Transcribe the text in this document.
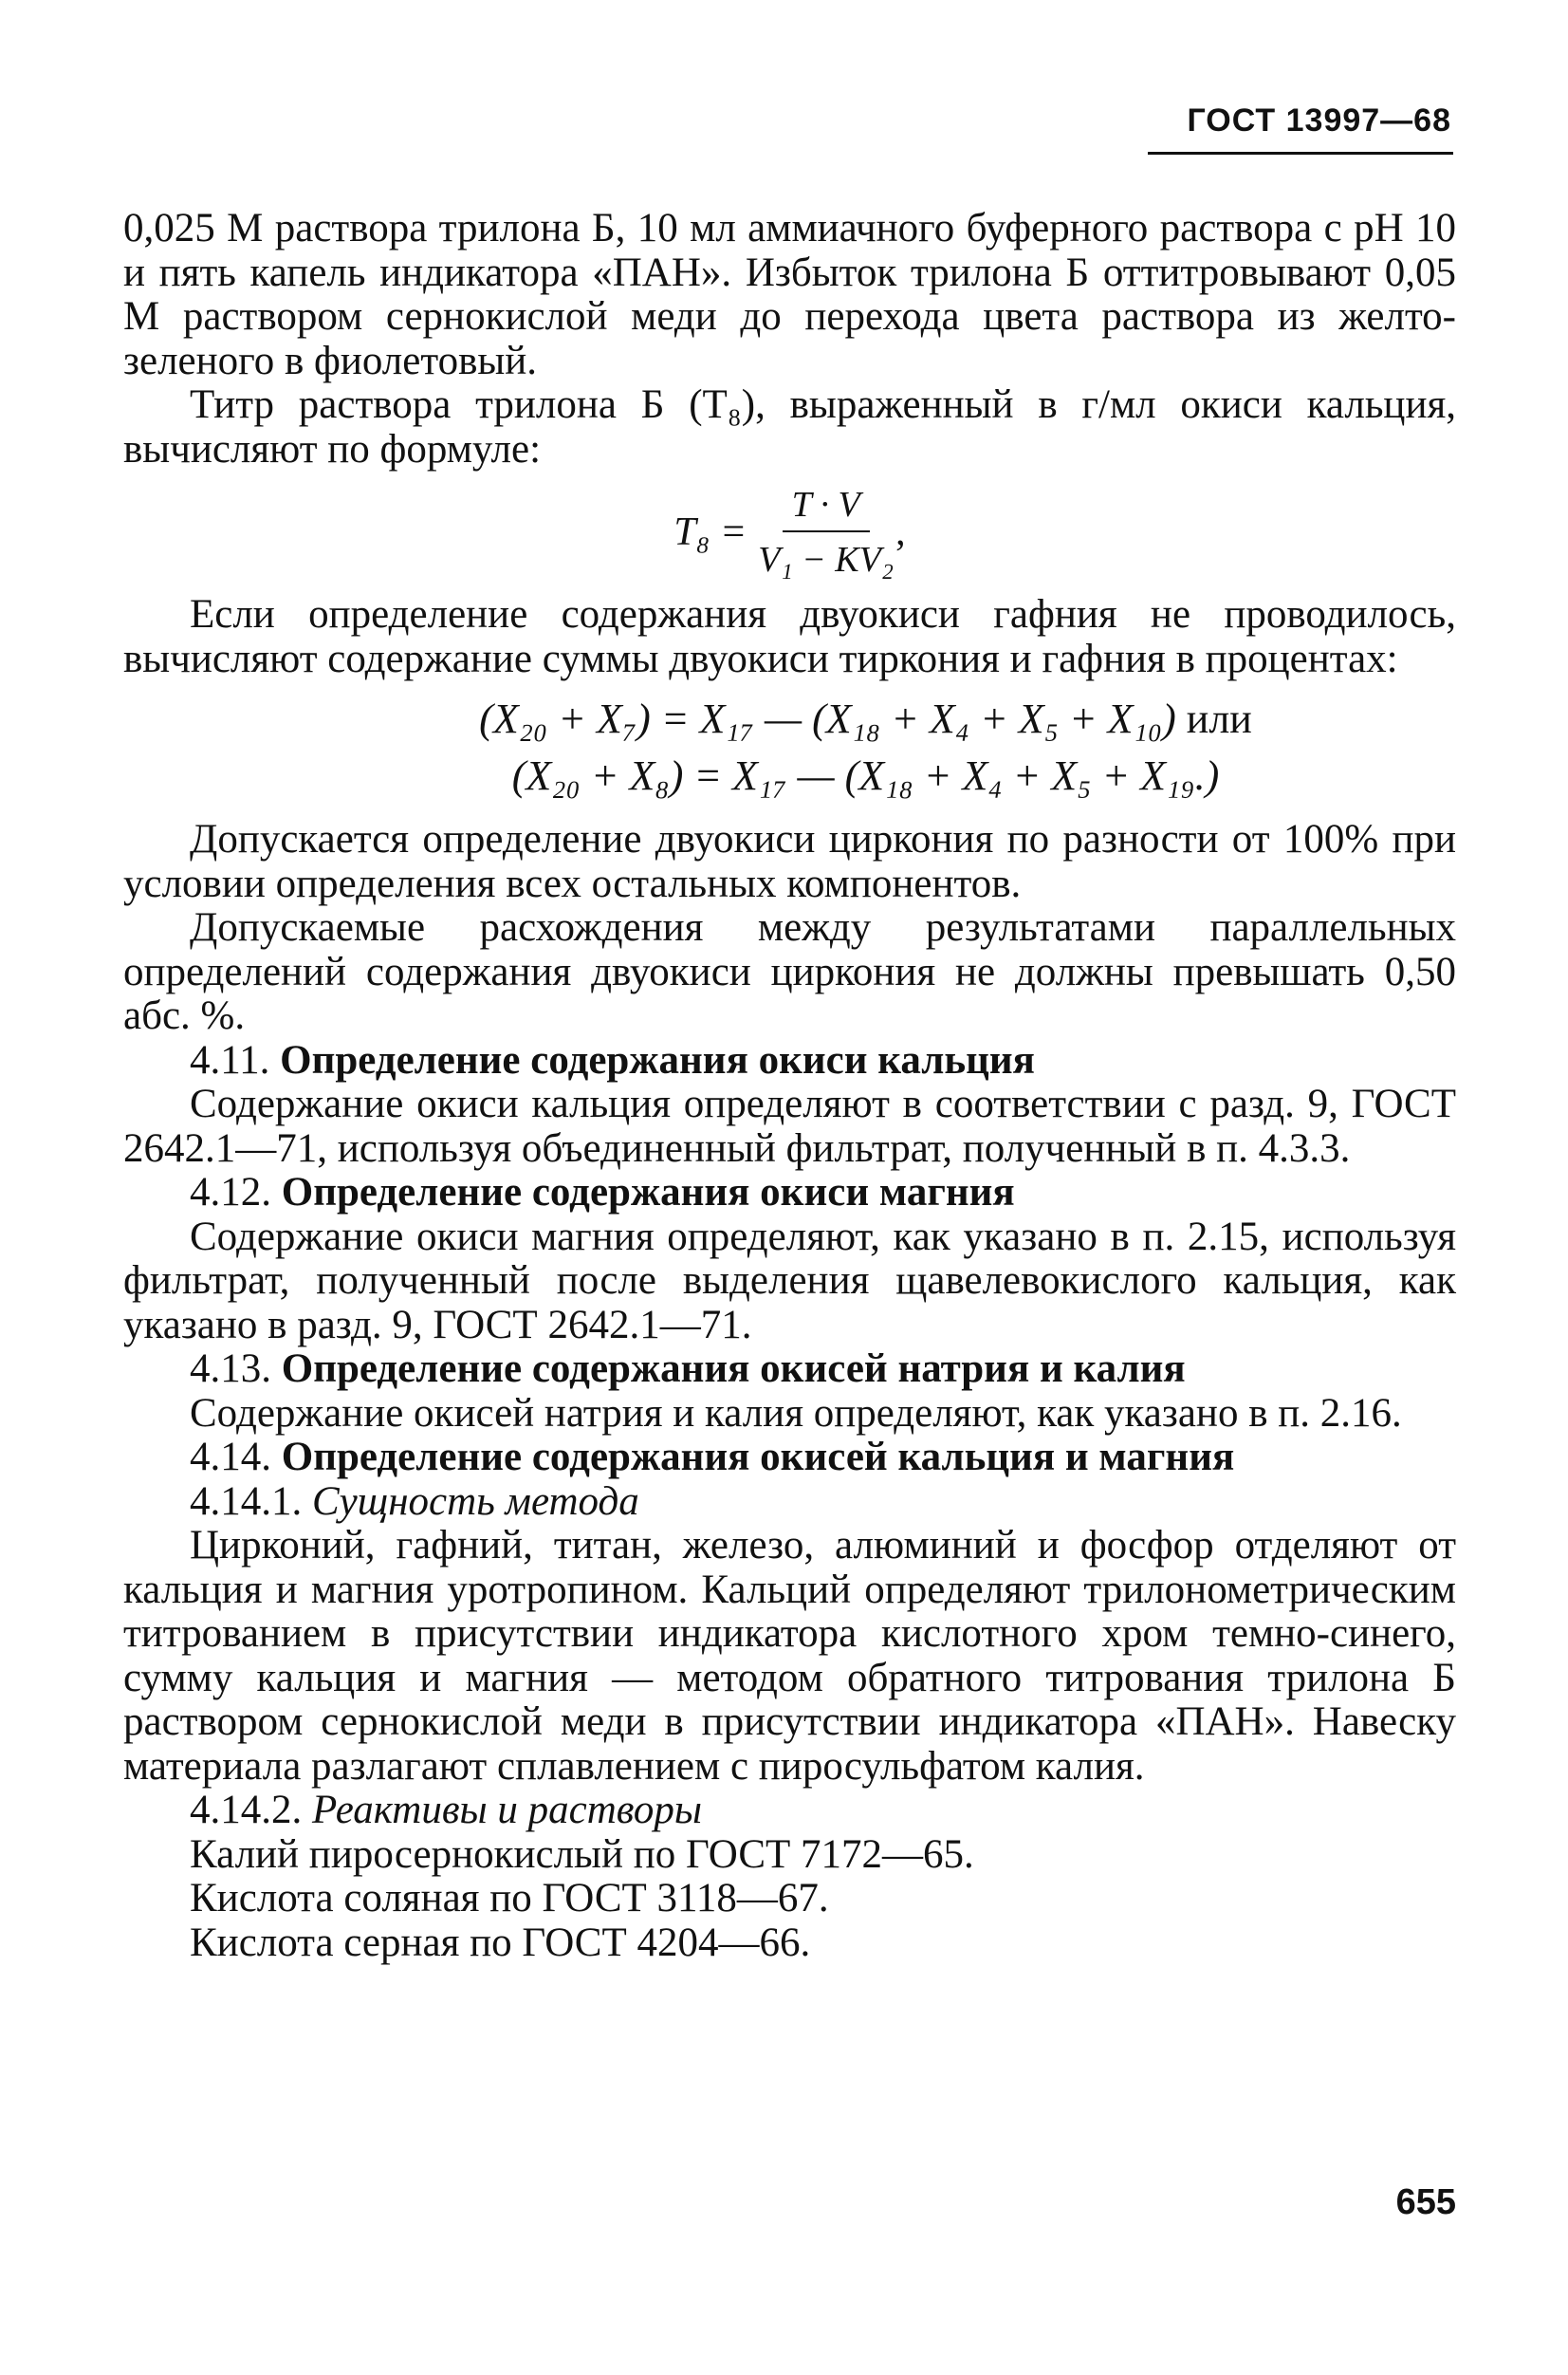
ГОСТ 13997—68

0,025 М раствора трилона Б, 10 мл аммиачного буферного раствора с pH 10 и пять капель индикатора «ПАН». Избыток трилона Б оттитровывают 0,05 М раствором сернокислой меди до перехода цвета раствора из желто-зеленого в фиолетовый.

Титр раствора трилона Б (Т₈), выраженный в г/мл окиси кальция, вычисляют по формуле:

$T_8 = \frac{T \cdot V}{\text{V₁ − KV₂}}$ ,

Если определение содержания двуокиси гафния не проводилось, вычисляют содержание суммы двуокиси тиркония и гафния в процентах:

(X₂₀ + X₇) = X₁₇ — (X₁₈ + X₄ + X₅ + X₁₀) или
(X₂₀ + X₈) = X₁₇ — (X₁₈ + X₄ + X₅ + X₁₉.)

Допускается определение двуокиси циркония по разности от 100% при условии определения всех остальных компонентов.

Допускаемые расхождения между результатами параллельных определений содержания двуокиси циркония не должны превышать 0,50 абс. %.

4.11. Определение содержания окиси кальция

Содержание окиси кальция определяют в соответствии с разд. 9, ГОСТ 2642.1—71, используя объединенный фильтрат, полученный в п. 4.3.3.

4.12. Определение содержания окиси магния

Содержание окиси магния определяют, как указано в п. 2.15, используя фильтрат, полученный после выделения щавелевокислого кальция, как указано в разд. 9, ГОСТ 2642.1—71.

4.13. Определение содержания окисей натрия и калия

Содержание окисей натрия и калия определяют, как указано в п. 2.16.

4.14. Определение содержания окисей кальция и магния

4.14.1. Сущность метода

Цирконий, гафний, титан, железо, алюминий и фосфор отделяют от кальция и магния уротропином. Кальций определяют трилонометрическим титрованием в присутствии индикатора кислотного хром темно-синего, сумму кальция и магния — методом обратного титрования трилона Б раствором сернокислой меди в присутствии индикатора «ПАН». Навеску материала разлагают сплавлением с пиросульфатом калия.

4.14.2. Реактивы и растворы

Калий пиросернокислый по ГОСТ 7172—65.

Кислота соляная по ГОСТ 3118—67.

Кислота серная по ГОСТ 4204—66.

655
